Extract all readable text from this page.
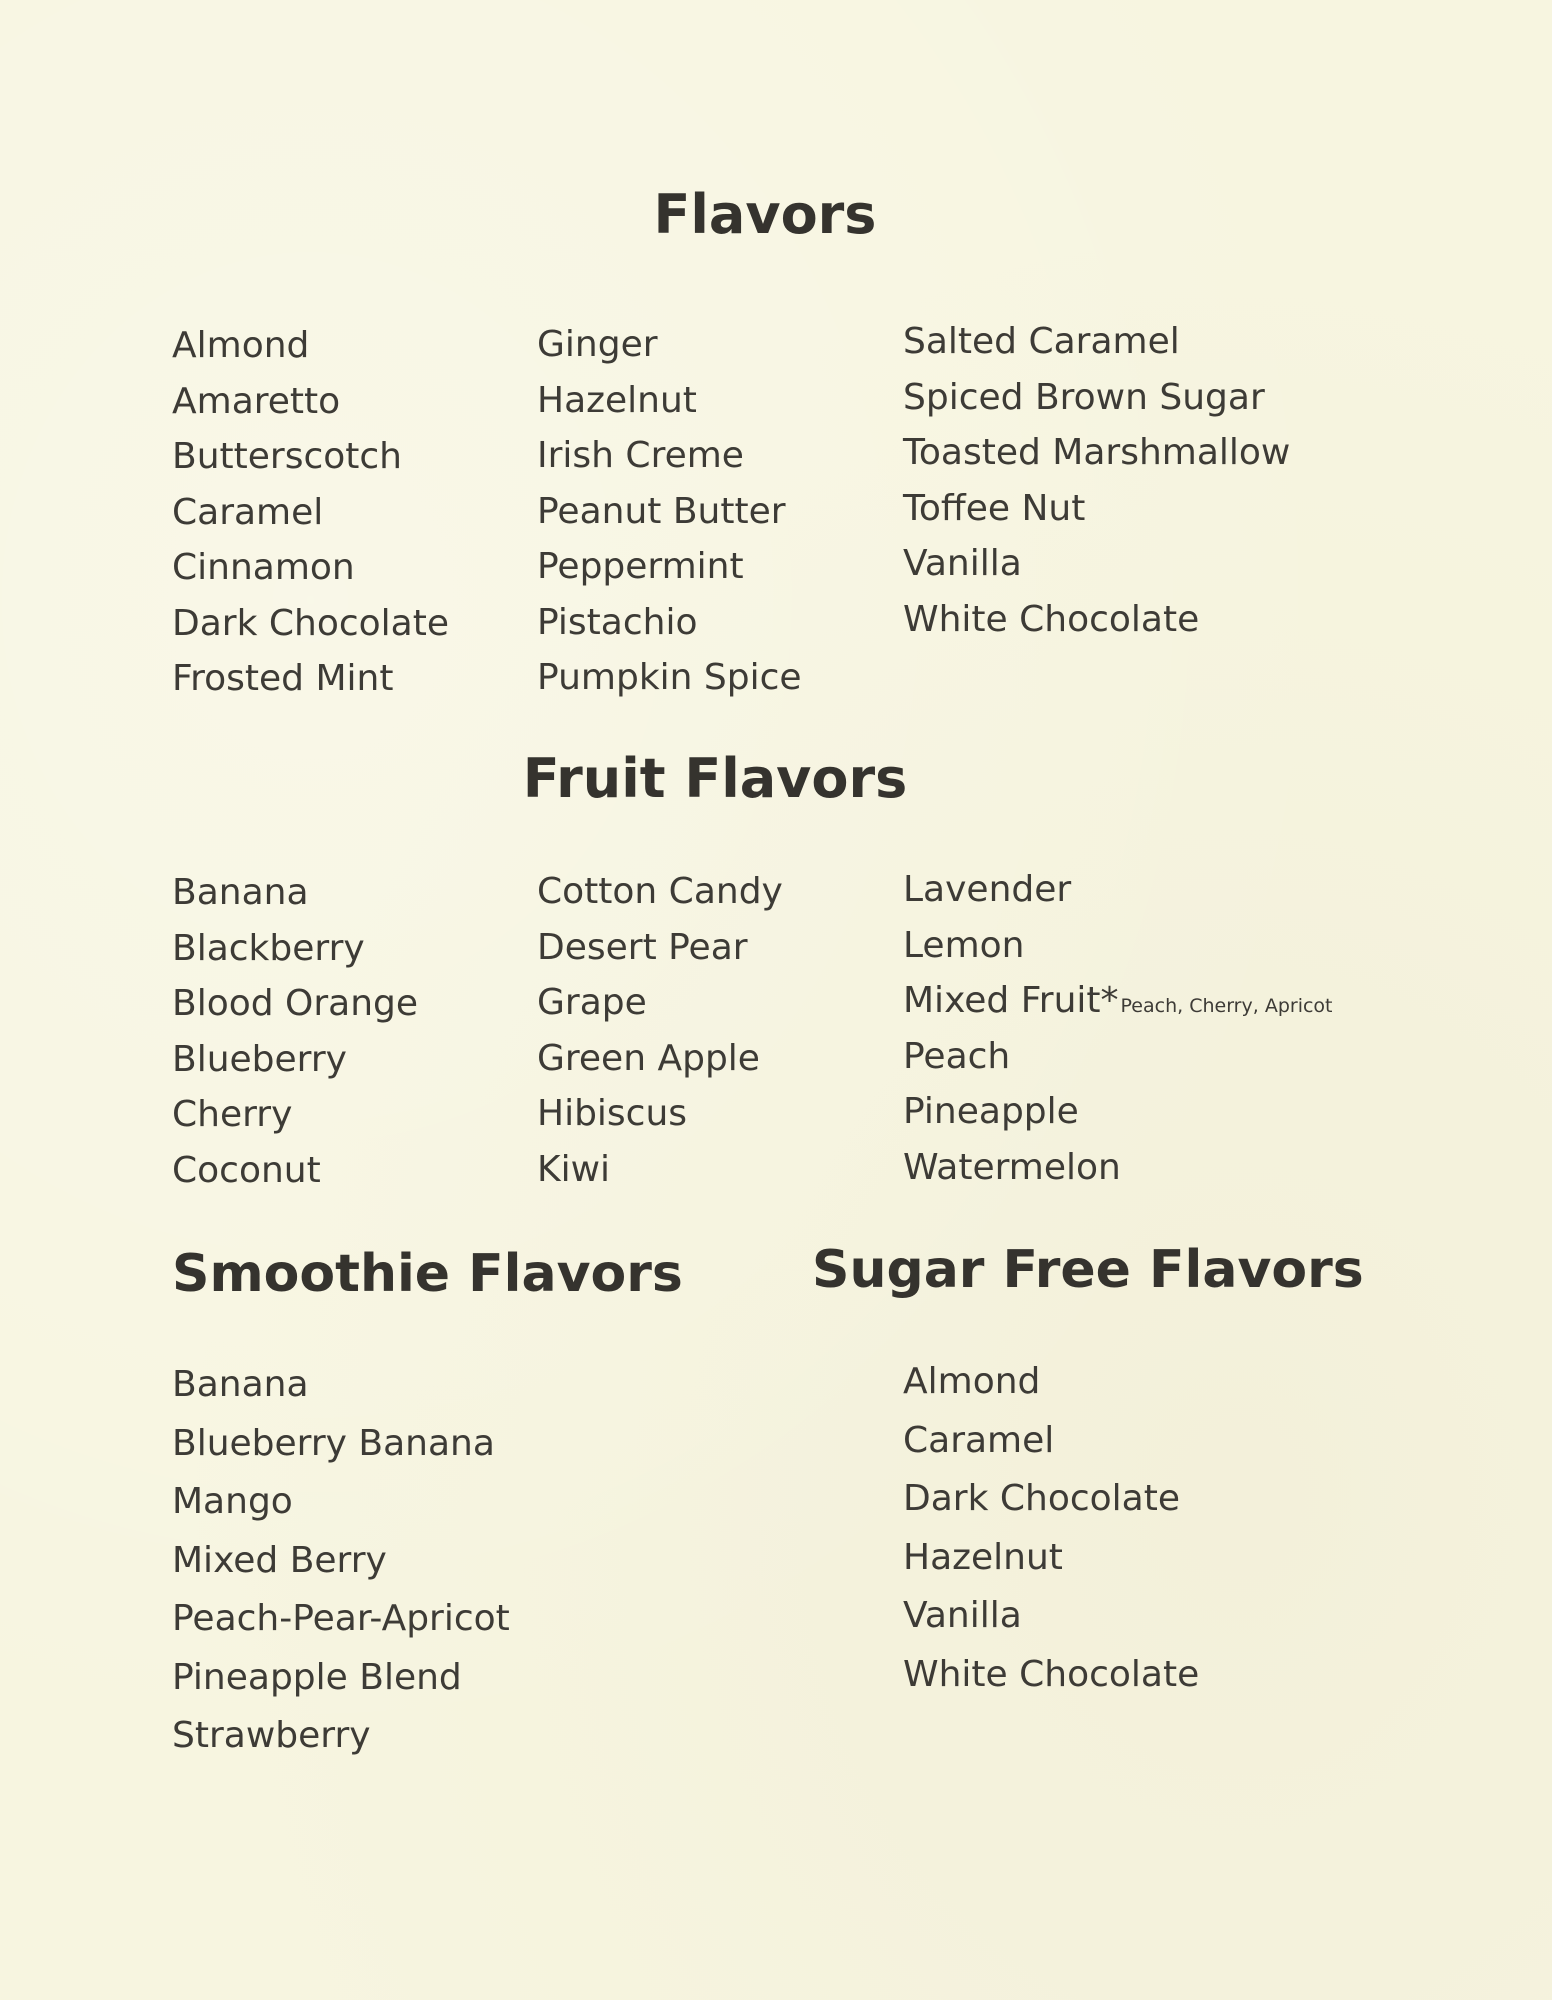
Flavors
Almond
Amaretto
Butterscotch
Caramel
Cinnamon
Dark Chocolate
Frosted Mint
Ginger
Hazelnut
Irish Creme
Peanut Butter
Peppermint
Pistachio
Pumpkin Spice
Salted Caramel
Spiced Brown Sugar
Toasted Marshmallow
Toffee Nut
Vanilla
White Chocolate
Fruit Flavors
Banana
Blackberry
Blood Orange
Blueberry
Cherry
Coconut
Cotton Candy
Desert Pear
Grape
Green Apple
Hibiscus
Kiwi
Lavender
Lemon
Mixed Fruit* Peach, Cherry, Apricot
Peach
Pineapple
Watermelon
Smoothie Flavors Sugar Free Flavors
Banana
Blueberry Banana
Mango
Mixed Berry
Peach-Pear-Apricot
Pineapple Blend
Strawberry
Almond
Caramel
Dark Chocolate
Hazelnut
Vanilla
White Chocolate
